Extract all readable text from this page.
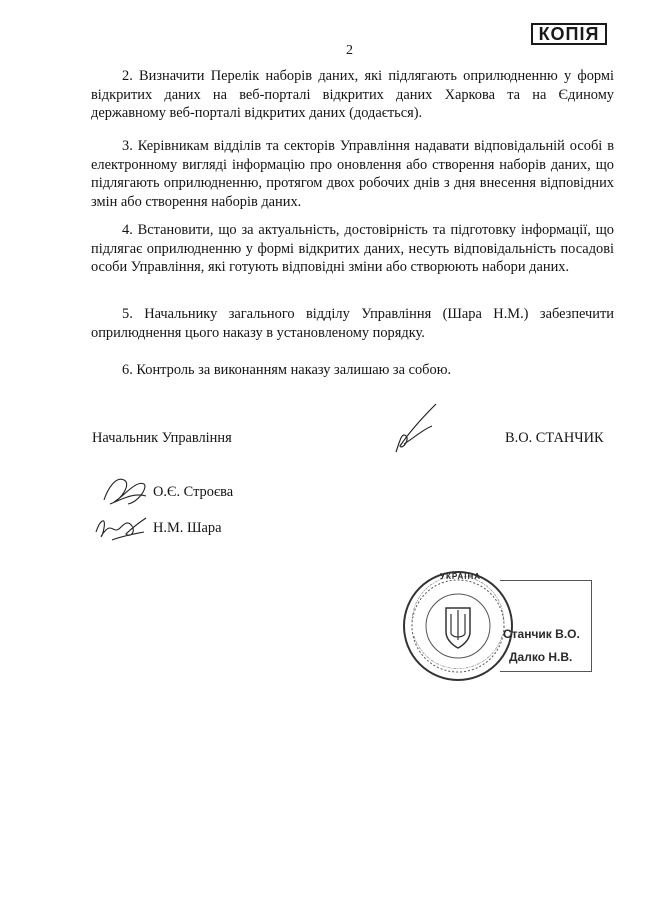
КОПІЯ
2

2. Визначити Перелік наборів даних, які підлягають оприлюдненню у формі відкритих даних на веб-порталі відкритих даних Харкова та на Єдиному державному веб-порталі відкритих даних (додається).

3. Керівникам відділів та секторів Управління надавати відповідальній особі в електронному вигляді інформацію про оновлення або створення наборів даних, що підлягають оприлюдненню, протягом двох робочих днів з дня внесення відповідних змін або створення наборів даних.

4. Встановити, що за актуальність, достовірність та підготовку інформації, що підлягає оприлюдненню у формі відкритих даних, несуть відповідальність посадові особи Управління, які готують відповідні зміни або створюють набори даних.

5. Начальнику загального відділу Управління (Шара Н.М.) забезпечити оприлюднення цього наказу в установленому порядку.

6. Контроль за виконанням наказу залишаю за собою.

Начальник Управління	В.О. СТАНЧИК
О.Є. Строєва
Н.М. Шара
УКРАЇНА
Станчик В.О.
Далко Н.В.
